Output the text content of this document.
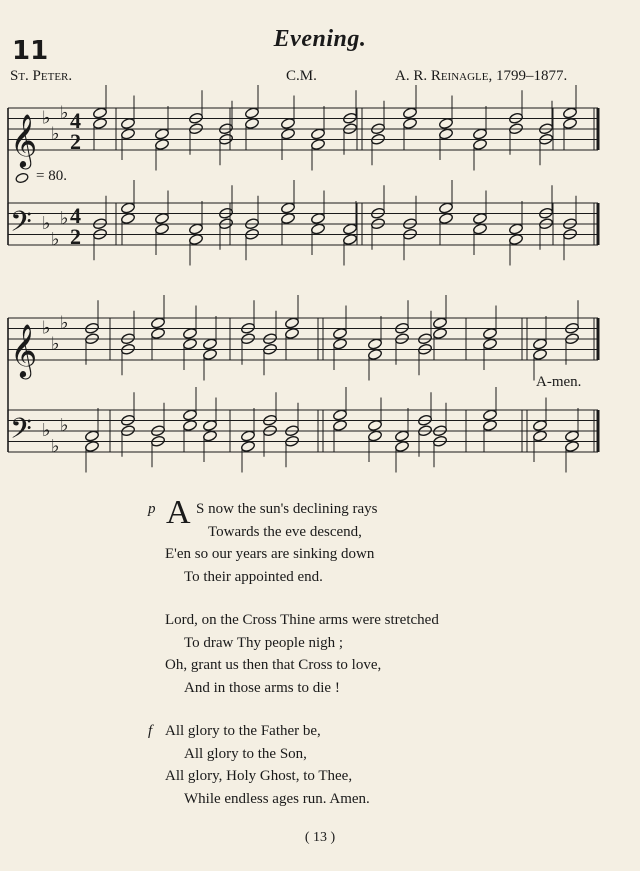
11	Evening.
St. Peter.	C.M.	A. R. Reinagle, 1799–1877.
𝄞 ♭
♭
♭ 4
2
𝄢 ♭
♭
♭ 4
2
𝄞 ♭
♭
♭
𝄢 ♭
♭
♭
= 80.
A-men.
p A S now the sun's declining rays
Towards the eve descend,
E'en so our years are sinking down
To their appointed end.
Lord, on the Cross Thine arms were stretched
To draw Thy people nigh ;
Oh, grant us then that Cross to love,
And in those arms to die !
f All glory to the Father be,
All glory to the Son,
All glory, Holy Ghost, to Thee,
While endless ages run. Amen.
( 13 )
